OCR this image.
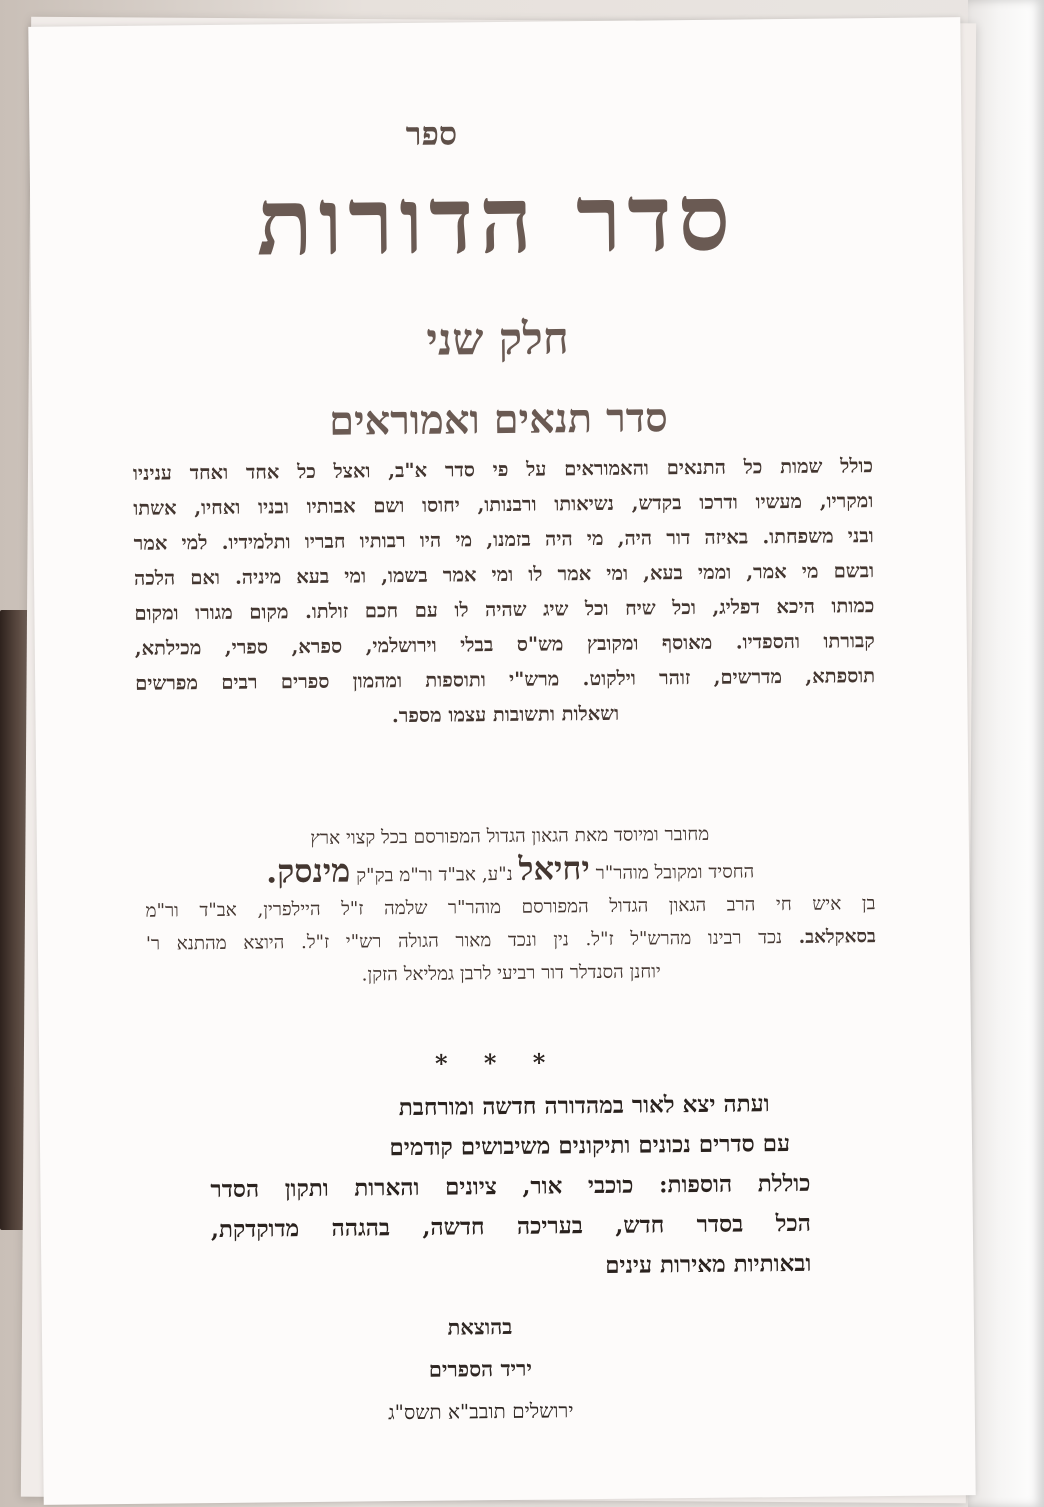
ספר
סדר הדורות
חלק שני
סדר תנאים ואמוראים
כולל שמות כל התנאים והאמוראים על פי סדר א"ב, ואצל כל אחד ואחד עניניו
ומקריו, מעשיו ודרכו בקדש, נשיאותו ורבנותו, יחוסו ושם אבותיו ובניו ואחיו, אשתו
ובני משפחתו. באיזה דור היה, מי היה בזמנו, מי היו רבותיו חבריו ותלמידיו. למי אמר
ובשם מי אמר, וממי בעא, ומי אמר לו ומי אמר בשמו, ומי בעא מיניה. ואם הלכה
כמותו היכא דפליג, וכל שיח וכל שיג שהיה לו עם חכם זולתו. מקום מגורו ומקום
קבורתו והספדיו. מאוסף ומקובץ מש"ס בבלי וירושלמי, ספרא, ספרי, מכילתא,
תוספתא, מדרשים, זוהר וילקוט. מרש"י ותוספות ומהמון ספרים רבים מפרשים
ושאלות ותשובות עצמו מספר.
מחובר ומיוסד מאת הגאון הגדול המפורסם בכל קצוי ארץ
החסיד ומקובל מוהר"ר יחיאל נ"ע, אב"ד ור"מ בק"ק מינסק.
בן איש חי הרב הגאון הגדול המפורסם מוהר"ר שלמה ז"ל היילפרין, אב"ד ור"מ
בסאקלאב. נכד רבינו מהרש"ל ז"ל. נין ונכד מאור הגולה רש"י ז"ל. היוצא מהתנא ר'
יוחנן הסנדלר דור רביעי לרבן גמליאל הזקן.
* * *
ועתה יצא לאור במהדורה חדשה ומורחבת
עם סדרים נכונים ותיקונים משיבושים קודמים
כוללת הוספות: כוכבי אור, ציונים והארות ותקון הסדר
הכל בסדר חדש, בעריכה חדשה, בהגהה מדוקדקת,
ובאותיות מאירות עינים
בהוצאת
יריד הספרים
ירושלים תובב"א תשס"ג
